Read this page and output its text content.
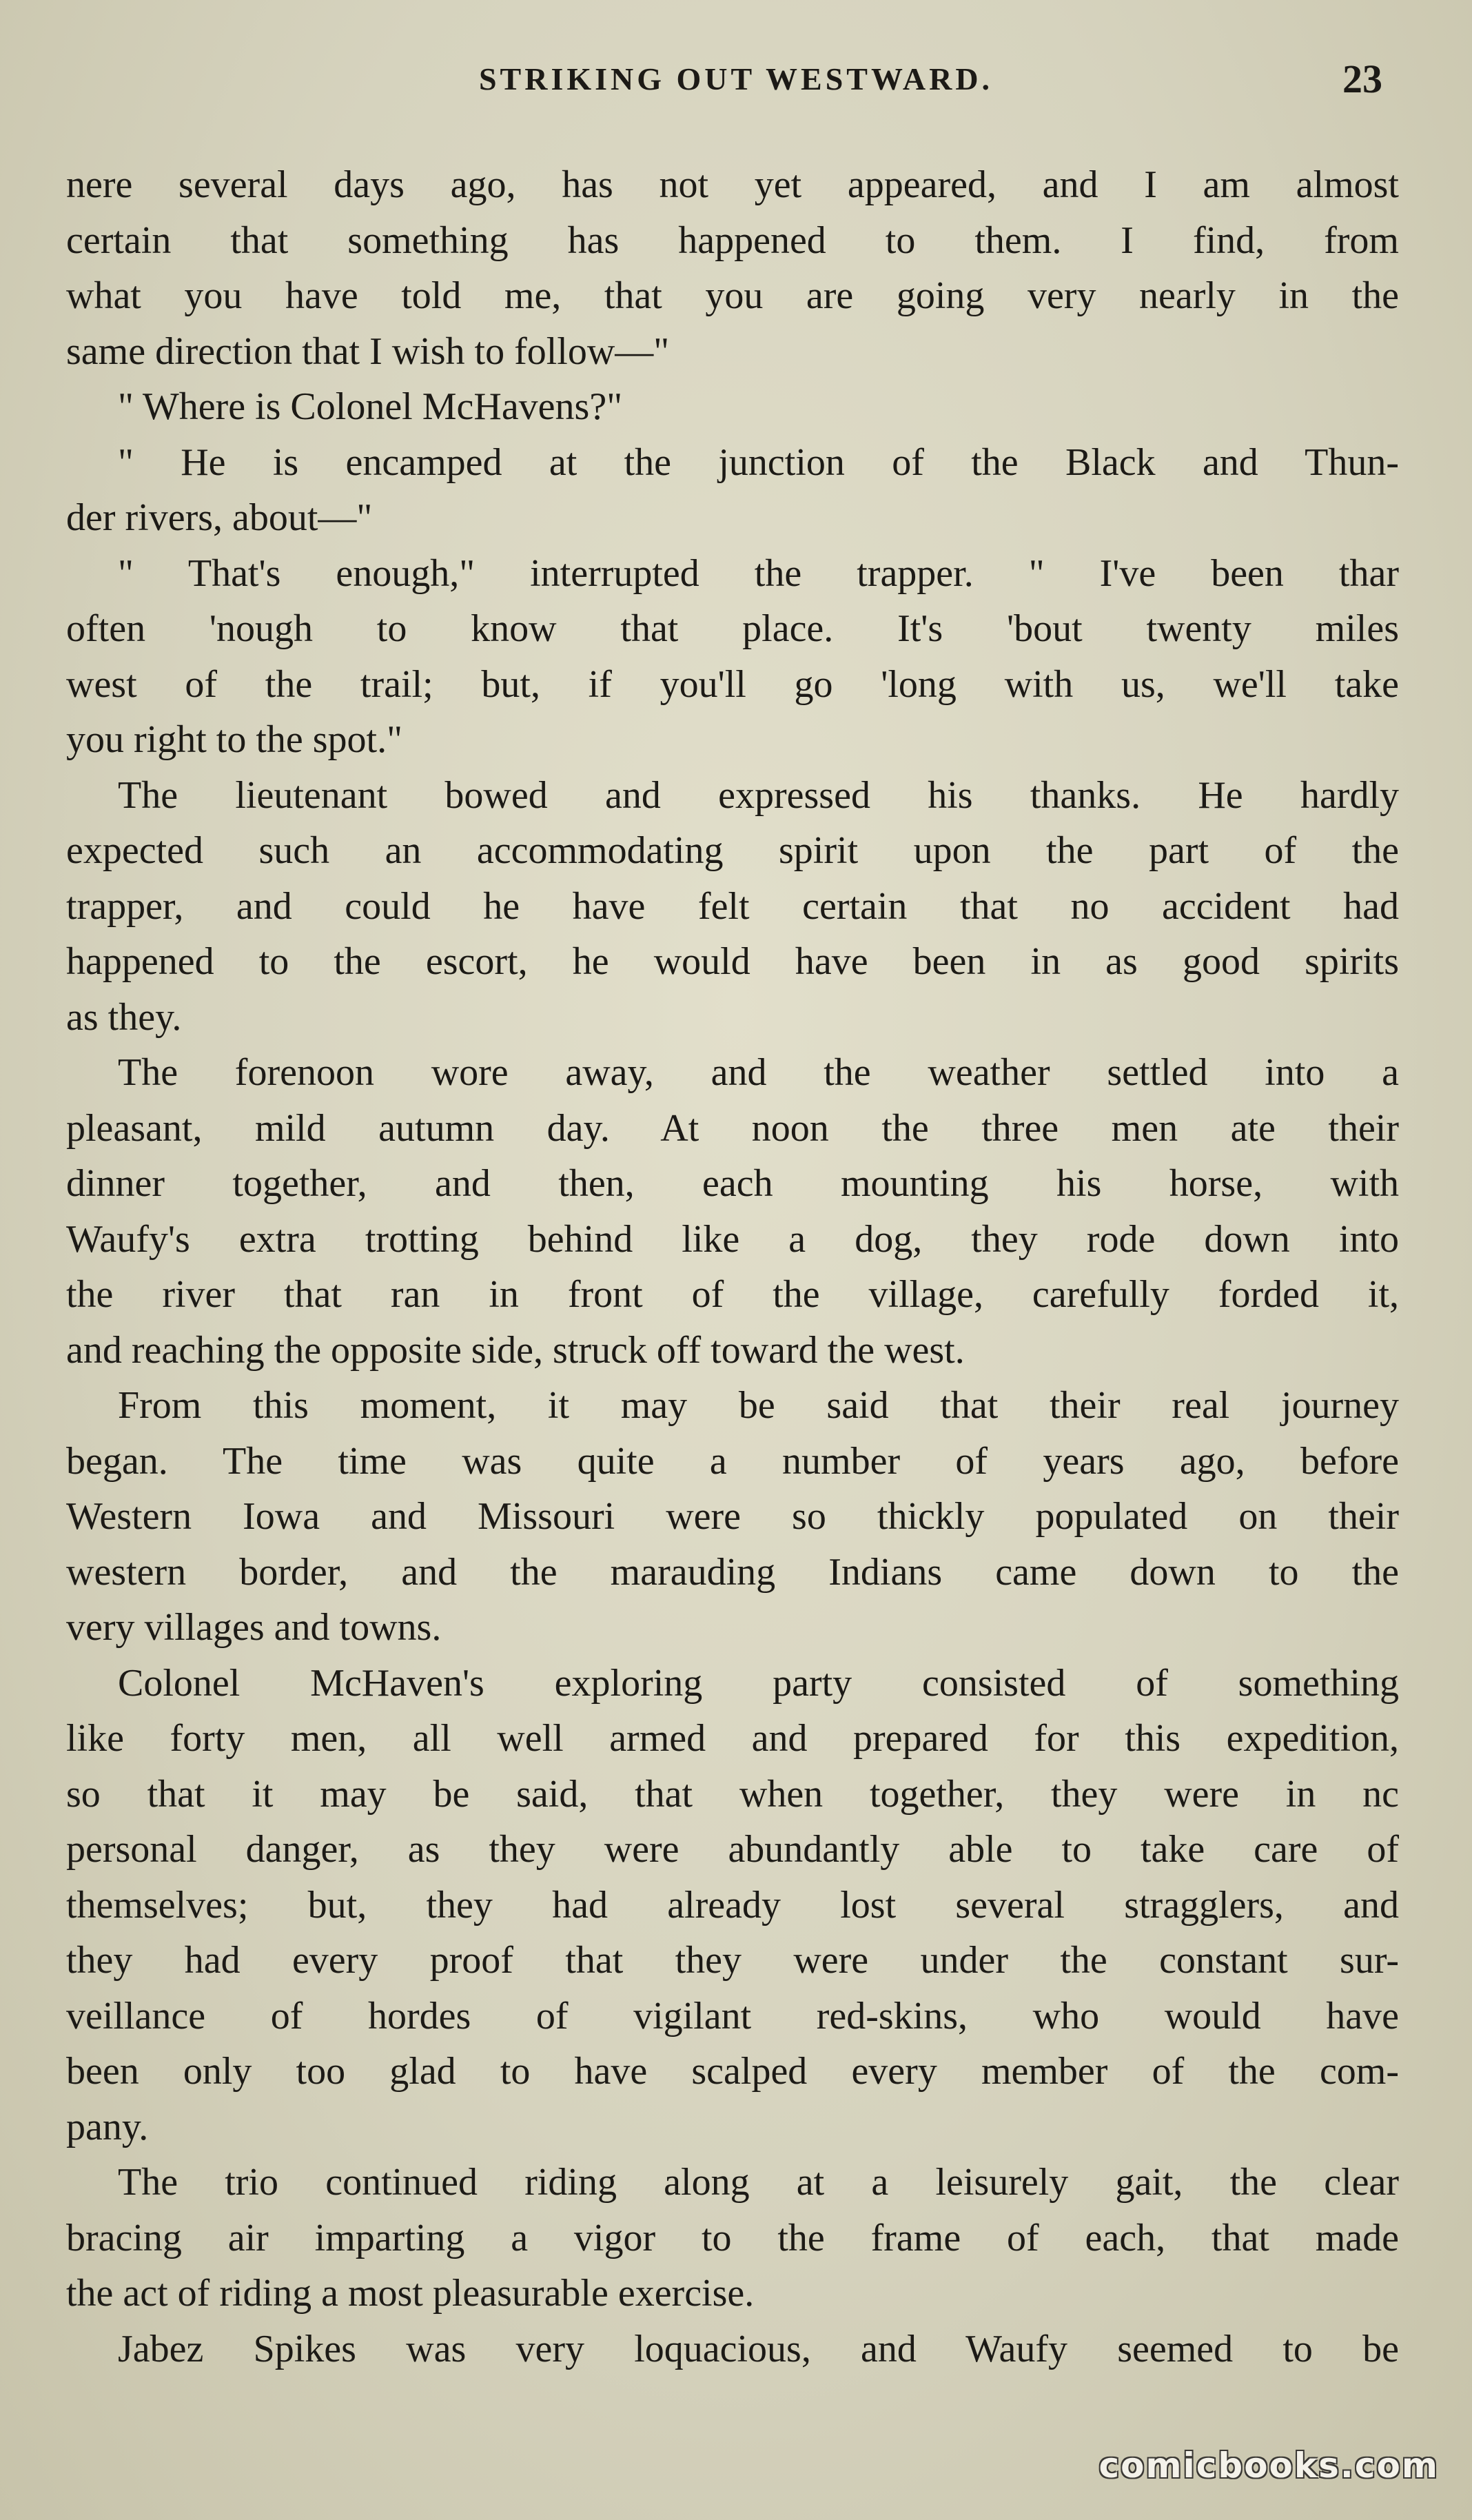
STRIKING OUT WESTWARD.	23
nere several days ago, has not yet appeared, and I am almost
certain that something has happened to them. I find, from
what you have told me, that you are going very nearly in the
same direction that I wish to follow—"
" Where is Colonel McHavens?"
" He is encamped at the junction of the Black and Thun-
der rivers, about—"
" That's enough," interrupted the trapper. " I've been thar
often 'nough to know that place. It's 'bout twenty miles
west of the trail; but, if you'll go 'long with us, we'll take
you right to the spot."
The lieutenant bowed and expressed his thanks. He hardly
expected such an accommodating spirit upon the part of the
trapper, and could he have felt certain that no accident had
happened to the escort, he would have been in as good spirits
as they.
The forenoon wore away, and the weather settled into a
pleasant, mild autumn day. At noon the three men ate their
dinner together, and then, each mounting his horse, with
Waufy's extra trotting behind like a dog, they rode down into
the river that ran in front of the village, carefully forded it,
and reaching the opposite side, struck off toward the west.
From this moment, it may be said that their real journey
began. The time was quite a number of years ago, before
Western Iowa and Missouri were so thickly populated on their
western border, and the marauding Indians came down to the
very villages and towns.
Colonel McHaven's exploring party consisted of something
like forty men, all well armed and prepared for this expedition,
so that it may be said, that when together, they were in nc
personal danger, as they were abundantly able to take care of
themselves; but, they had already lost several stragglers, and
they had every proof that they were under the constant sur-
veillance of hordes of vigilant red-skins, who would have
been only too glad to have scalped every member of the com-
pany.
The trio continued riding along at a leisurely gait, the clear
bracing air imparting a vigor to the frame of each, that made
the act of riding a most pleasurable exercise.
Jabez Spikes was very loquacious, and Waufy seemed to be
comicbooks.com
